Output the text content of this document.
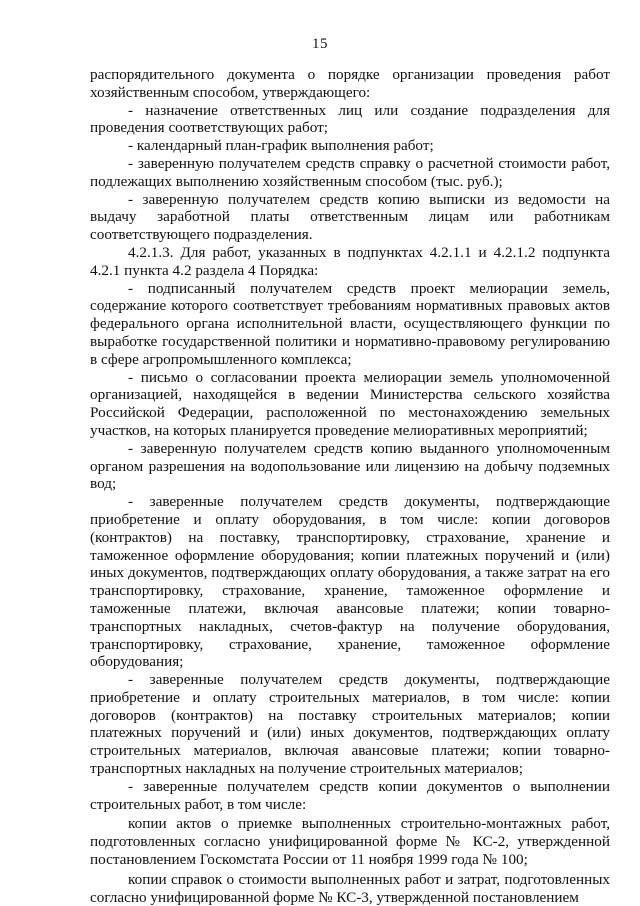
15

распорядительного документа о порядке организации проведения работ хозяйственным способом, утверждающего:

- назначение ответственных лиц или создание подразделения для проведения соответствующих работ;

- календарный план-график выполнения работ;

- заверенную получателем средств справку о расчетной стоимости работ, подлежащих выполнению хозяйственным способом (тыс. руб.);

- заверенную получателем средств копию выписки из ведомости на выдачу заработной платы ответственным лицам или работникам соответствующего подразделения.

4.2.1.3. Для работ, указанных в подпунктах 4.2.1.1 и 4.2.1.2 подпункта 4.2.1 пункта 4.2 раздела 4 Порядка:

- подписанный получателем средств проект мелиорации земель, содержание которого соответствует требованиям нормативных правовых актов федерального органа исполнительной власти, осуществляющего функции по выработке государственной политики и нормативно-правовому регулированию в сфере агропромышленного комплекса;

- письмо о согласовании проекта мелиорации земель уполномоченной организацией, находящейся в ведении Министерства сельского хозяйства Российской Федерации, расположенной по местонахождению земельных участков, на которых планируется проведение мелиоративных мероприятий;

- заверенную получателем средств копию выданного уполномоченным органом разрешения на водопользование или лицензию на добычу подземных вод;

- заверенные получателем средств документы, подтверждающие приобретение и оплату оборудования, в том числе: копии договоров (контрактов) на поставку, транспортировку, страхование, хранение и таможенное оформление оборудования; копии платежных поручений и (или) иных документов, подтверждающих оплату оборудования, а также затрат на его транспортировку, страхование, хранение, таможенное оформление и таможенные платежи, включая авансовые платежи; копии товарно-транспортных накладных, счетов-фактур на получение оборудования, транспортировку, страхование, хранение, таможенное оформление оборудования;

- заверенные получателем средств документы, подтверждающие приобретение и оплату строительных материалов, в том числе: копии договоров (контрактов) на поставку строительных материалов; копии платежных поручений и (или) иных документов, подтверждающих оплату строительных материалов, включая авансовые платежи; копии товарно-транспортных накладных на получение строительных материалов;

- заверенные получателем средств копии документов о выполнении строительных работ, в том числе:

копии актов о приемке выполненных строительно-монтажных работ, подготовленных согласно унифицированной форме № КС-2, утвержденной постановлением Госкомстата России от 11 ноября 1999 года № 100;

копии справок о стоимости выполненных работ и затрат, подготовленных согласно унифицированной форме № КС-3, утвержденной постановлением
